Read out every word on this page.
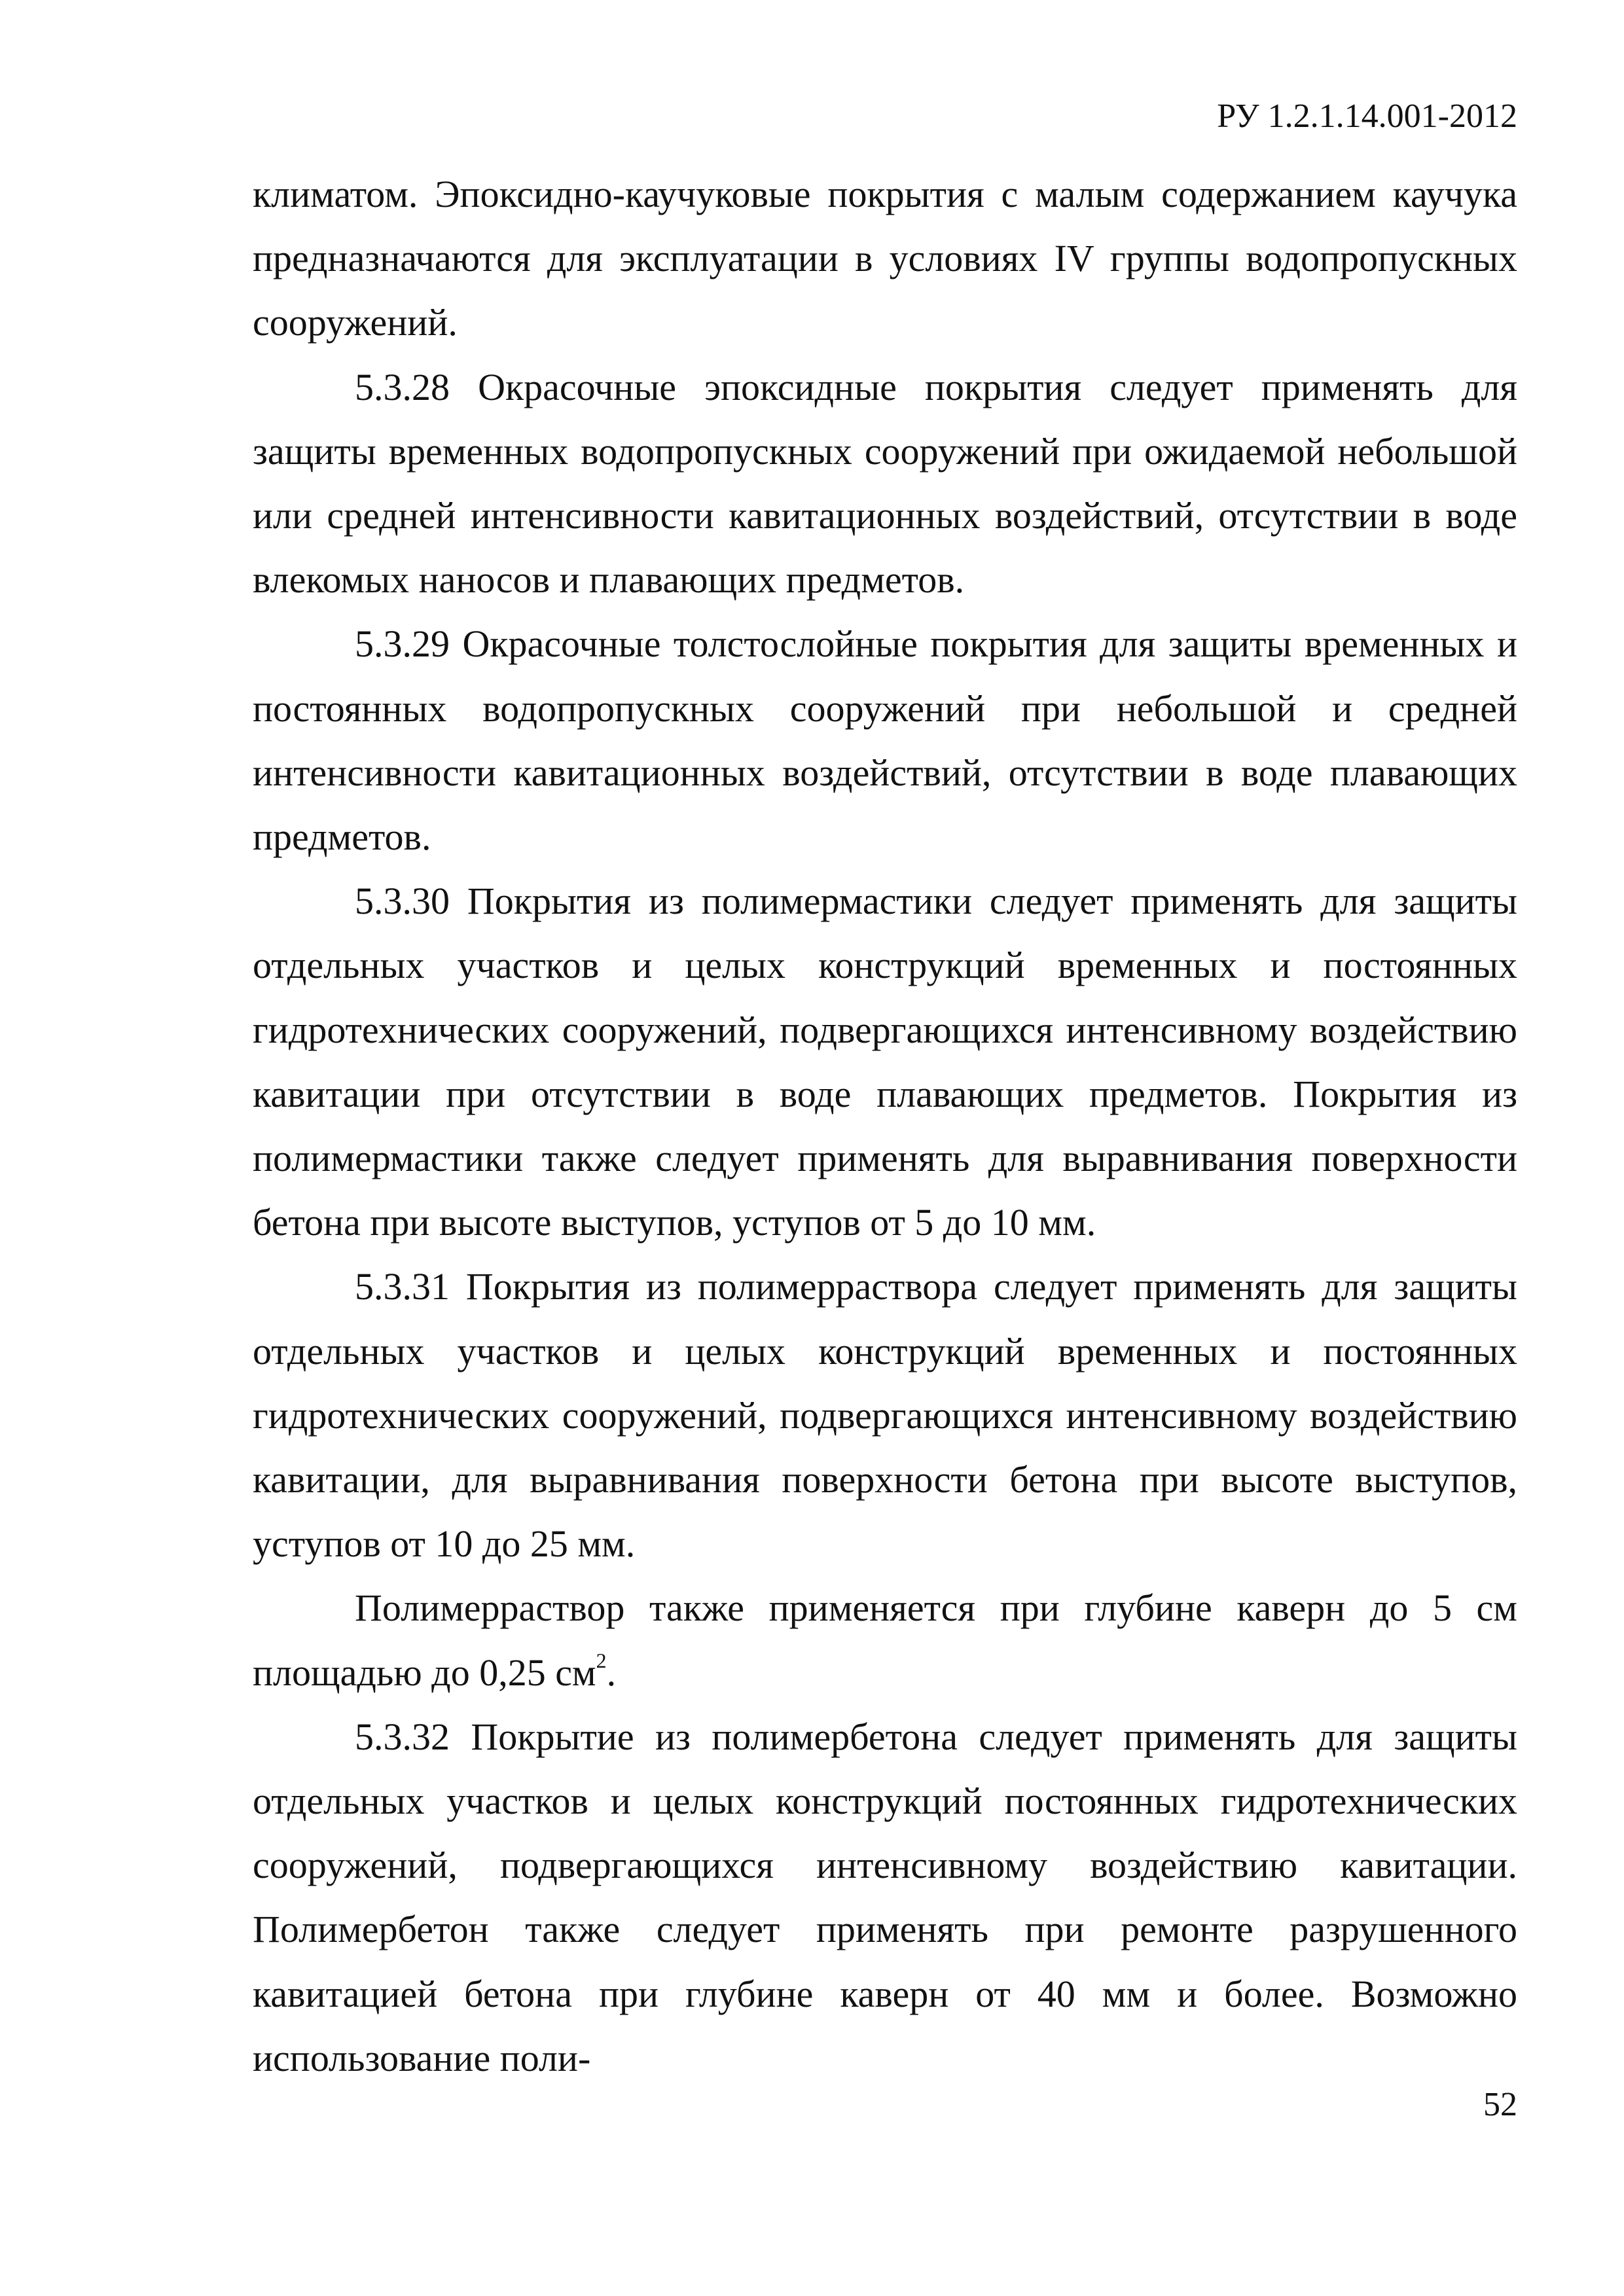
РУ 1.2.1.14.001-2012

климатом. Эпоксидно-каучуковые покрытия с малым содержанием каучука предназначаются для эксплуатации в условиях IV группы водопропускных сооружений.

5.3.28 Окрасочные эпоксидные покрытия следует применять для защиты временных водопропускных сооружений при ожидаемой небольшой или средней интенсивности кавитационных воздействий, отсутствии в воде влекомых наносов и плавающих предметов.

5.3.29 Окрасочные толстослойные покрытия для защиты временных и постоянных водопропускных сооружений при небольшой и средней интенсивности кавитационных воздействий, отсутствии в воде плавающих предметов.

5.3.30 Покрытия из полимермастики следует применять для защиты отдельных участков и целых конструкций временных и постоянных гидротехнических сооружений, подвергающихся интенсивному воздействию кавитации при отсутствии в воде плавающих предметов. Покрытия из полимермастики также следует применять для выравнивания поверхности бетона при высоте выступов, уступов от 5 до 10 мм.

5.3.31 Покрытия из полимерраствора следует применять для защиты отдельных участков и целых конструкций временных и постоянных гидротехнических сооружений, подвергающихся интенсивному воздействию кавитации, для выравнивания поверхности бетона при высоте выступов, уступов от 10 до 25 мм.

Полимерраствор также применяется при глубине каверн до 5 см площадью до 0,25 $см^2$.

5.3.32 Покрытие из полимербетона следует применять для защиты отдельных участков и целых конструкций постоянных гидротехнических сооружений, подвергающихся интенсивному воздействию кавитации. Полимербетон также следует применять при ремонте разрушенного кавитацией бетона при глубине каверн от 40 мм и более. Возможно использование поли-

52
